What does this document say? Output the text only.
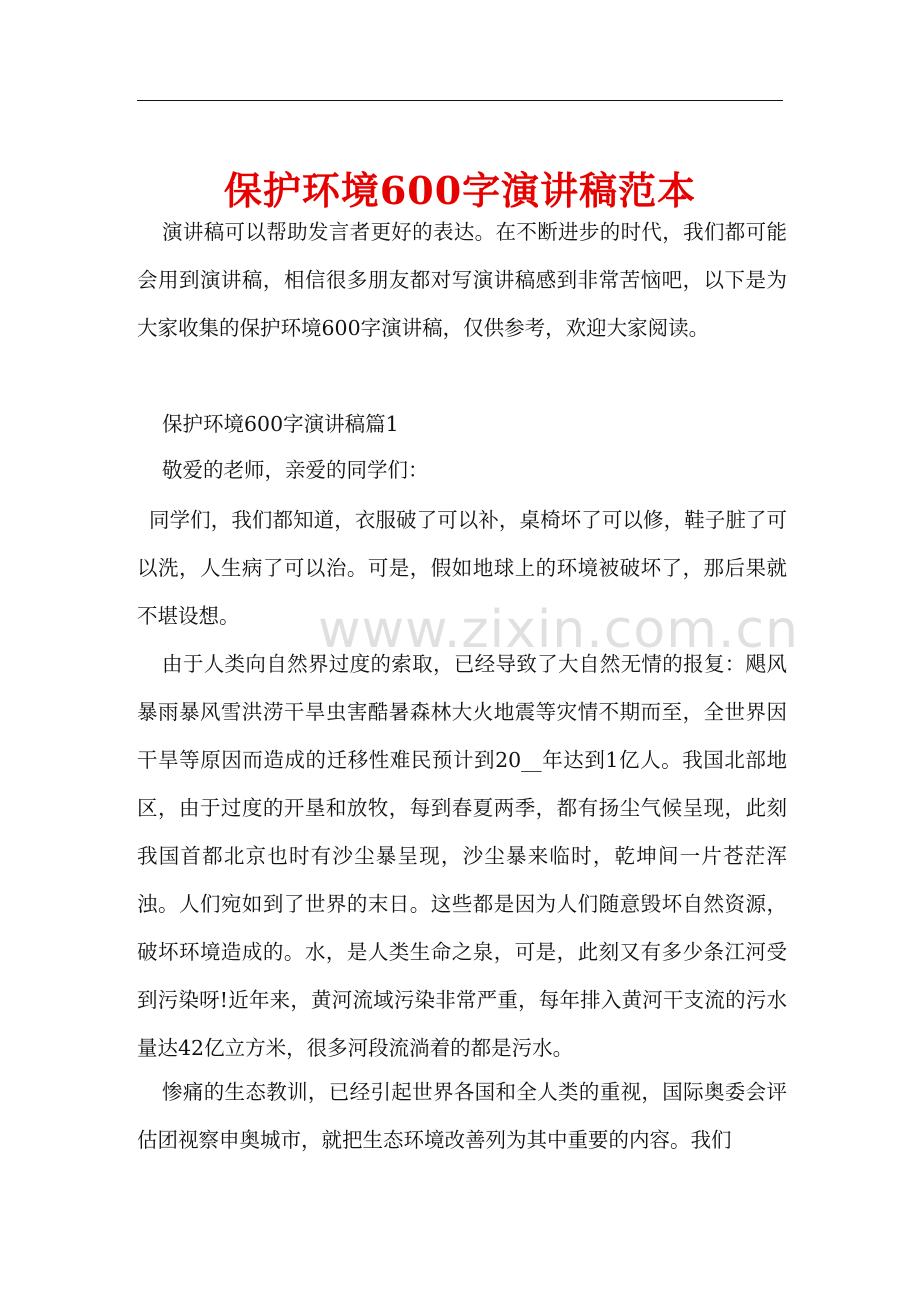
保护环境600字演讲稿范本

演讲稿可以帮助发言者更好的表达。在不断进步的时代，我们都可能会用到演讲稿，相信很多朋友都对写演讲稿感到非常苦恼吧，以下是为大家收集的保护环境600字演讲稿，仅供参考，欢迎大家阅读。

保护环境600字演讲稿篇1

敬爱的老师，亲爱的同学们：

同学们，我们都知道，衣服破了可以补，桌椅坏了可以修，鞋子脏了可以洗，人生病了可以治。可是，假如地球上的环境被破坏了，那后果就不堪设想。

由于人类向自然界过度的索取，已经导致了大自然无情的报复：飓风暴雨暴风雪洪涝干旱虫害酷暑森林大火地震等灾情不期而至，全世界因干旱等原因而造成的迁移性难民预计到20__年达到1亿人。我国北部地区，由于过度的开垦和放牧，每到春夏两季，都有扬尘气候呈现，此刻我国首都北京也时有沙尘暴呈现，沙尘暴来临时，乾坤间一片苍茫浑浊。人们宛如到了世界的末日。这些都是因为人们随意毁坏自然资源，破坏环境造成的。水，是人类生命之泉，可是，此刻又有多少条江河受到污染呀!近年来，黄河流域污染非常严重，每年排入黄河干支流的污水量达42亿立方米，很多河段流淌着的都是污水。

惨痛的生态教训，已经引起世界各国和全人类的重视，国际奥委会评估团视察申奥城市，就把生态环境改善列为其中重要的内容。我们

www.zixin.com.cn
